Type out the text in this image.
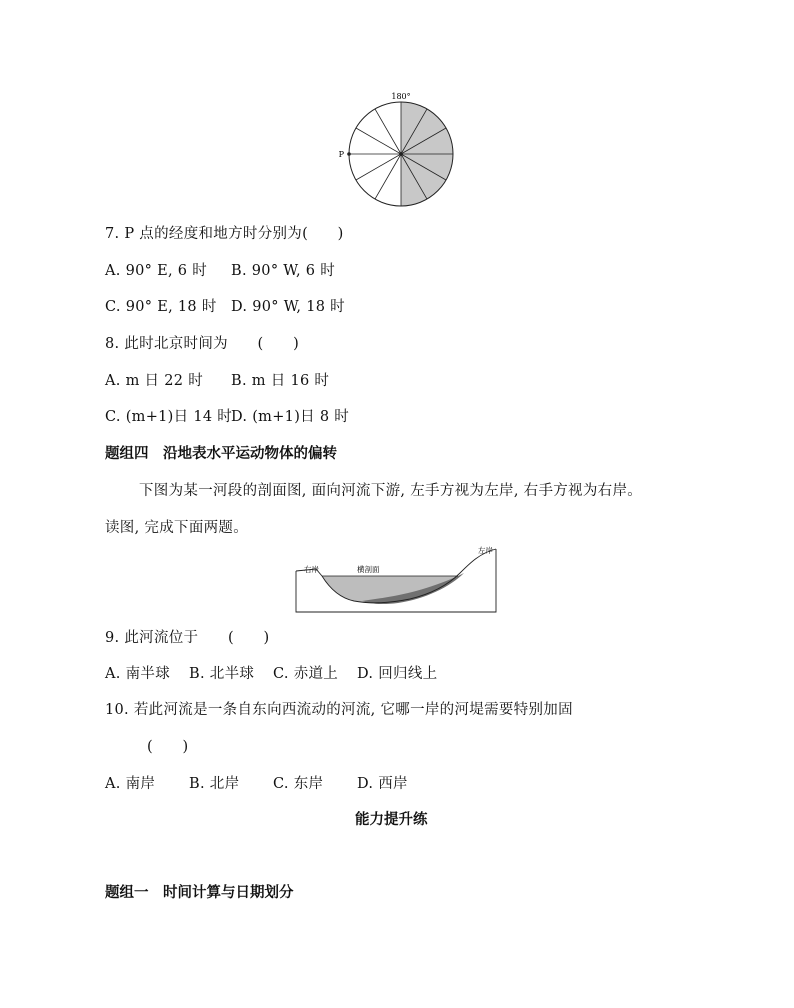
180°
P
7. P 点的经度和地方时分别为(　　)
A. 90° E, 6 时 B. 90° W, 6 时
C. 90° E, 18 时 D. 90° W, 18 时
8. 此时北京时间为　　(　　)
A. m 日 22 时 B. m 日 16 时
C. (m+1)日 14 时D. (m+1)日 8 时
题组四　沿地表水平运动物体的偏转
下图为某一河段的剖面图, 面向河流下游, 左手方视为左岸, 右手方视为右岸。
读图, 完成下面两题。
右岸
左岸
横剖面
9. 此河流位于　　(　　)
A. 南半球 B. 北半球 C. 赤道上 D. 回归线上
10. 若此河流是一条自东向西流动的河流, 它哪一岸的河堤需要特别加固
(　　)
A. 南岸 B. 北岸 C. 东岸 D. 西岸
能力提升练
题组一　时间计算与日期划分
